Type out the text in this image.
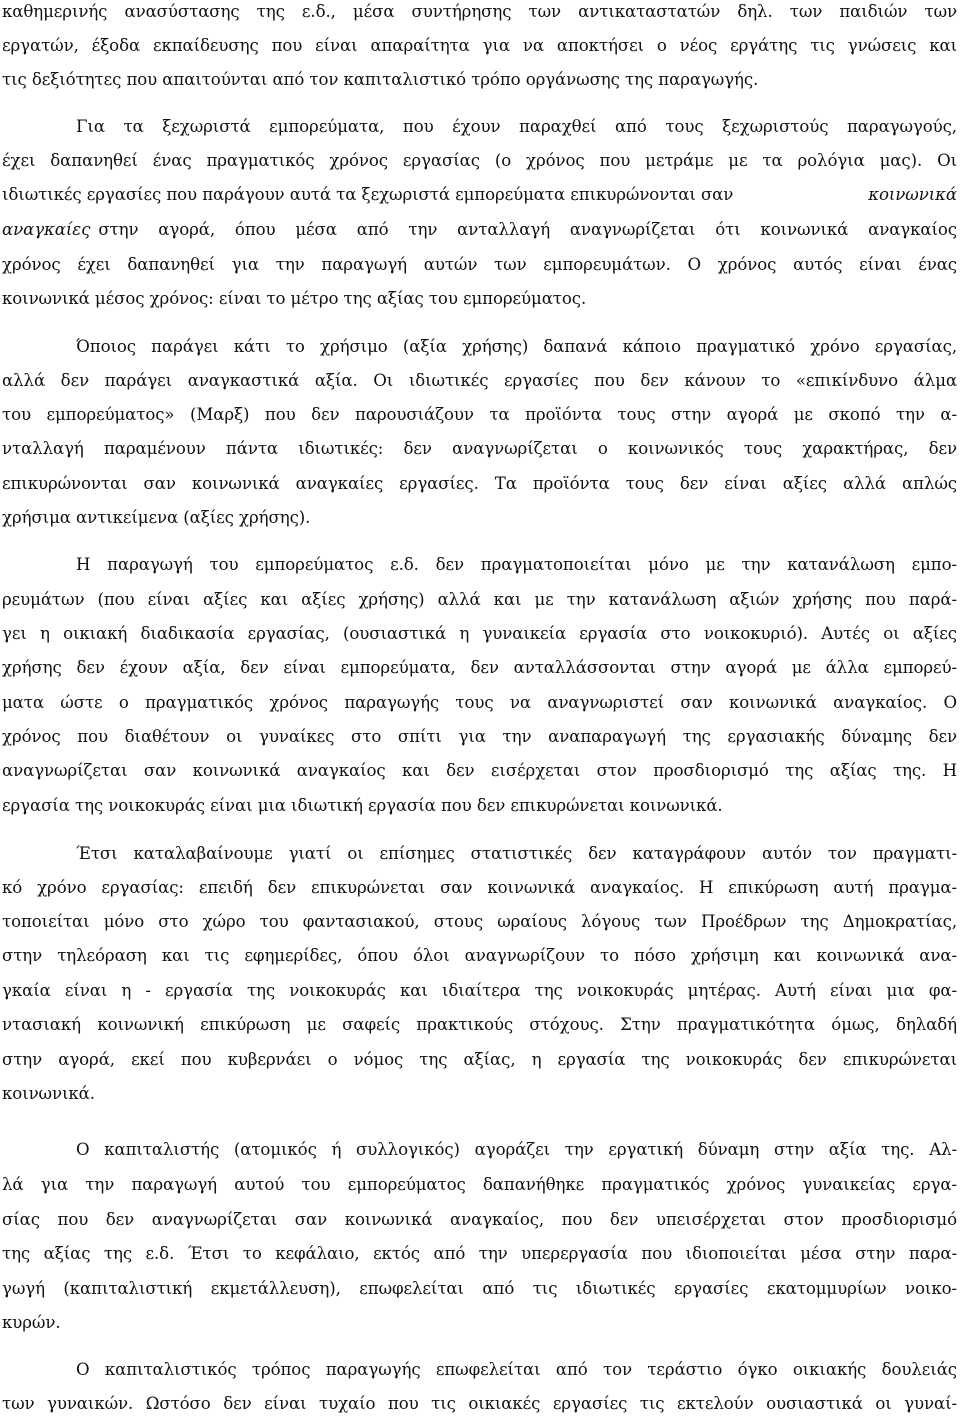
καθημερινής ανασύστασης της ε.δ., μέσα συντήρησης των αντικαταστατών δηλ. των παιδιών των
εργατών, έξοδα εκπαίδευσης που είναι απαραίτητα για να αποκτήσει ο νέος εργάτης τις γνώσεις και
τις δεξιότητες που απαιτούνται από τον καπιταλιστικό τρόπο οργάνωσης της παραγωγής.
Για τα ξεχωριστά εμπορεύματα, που έχουν παραχθεί από τους ξεχωριστούς παραγωγούς,
έχει δαπανηθεί ένας πραγματικός χρόνος εργασίας (ο χρόνος που μετράμε με τα ρολόγια μας). Οι
ιδιωτικές εργασίες που παράγουν αυτά τα ξεχωριστά εμπορεύματα επικυρώνονται σαν	κοινωνικά
αναγκαίες στην αγορά, όπου μέσα από την ανταλλαγή αναγνωρίζεται ότι κοινωνικά αναγκαίος
χρόνος έχει δαπανηθεί για την παραγωγή αυτών των εμπορευμάτων. Ο χρόνος αυτός είναι ένας
κοινωνικά μέσος χρόνος: είναι το μέτρο της αξίας του εμπορεύματος.
Όποιος παράγει κάτι το χρήσιμο (αξία χρήσης) δαπανά κάποιο πραγματικό χρόνο εργασίας,
αλλά δεν παράγει αναγκαστικά αξία. Οι ιδιωτικές εργασίες που δεν κάνουν το «επικίνδυνο άλμα
του εμπορεύματος» (Μαρξ) που δεν παρουσιάζουν τα προϊόντα τους στην αγορά με σκοπό την α-
νταλλαγή παραμένουν πάντα ιδιωτικές: δεν αναγνωρίζεται ο κοινωνικός τους χαρακτήρας, δεν
επικυρώνονται σαν κοινωνικά αναγκαίες εργασίες. Τα προϊόντα τους δεν είναι αξίες αλλά απλώς
χρήσιμα αντικείμενα (αξίες χρήσης).
Η παραγωγή του εμπορεύματος ε.δ. δεν πραγματοποιείται μόνο με την κατανάλωση εμπο-
ρευμάτων (που είναι αξίες και αξίες χρήσης) αλλά και με την κατανάλωση αξιών χρήσης που παρά-
γει η οικιακή διαδικασία εργασίας, (ουσιαστικά η γυναικεία εργασία στο νοικοκυριό). Αυτές οι αξίες
χρήσης δεν έχουν αξία, δεν είναι εμπορεύματα, δεν ανταλλάσσονται στην αγορά με άλλα εμπορεύ-
ματα ώστε ο πραγματικός χρόνος παραγωγής τους να αναγνωριστεί σαν κοινωνικά αναγκαίος. Ο
χρόνος που διαθέτουν οι γυναίκες στο σπίτι για την αναπαραγωγή της εργασιακής δύναμης δεν
αναγνωρίζεται σαν κοινωνικά αναγκαίος και δεν εισέρχεται στον προσδιορισμό της αξίας της. Η
εργασία της νοικοκυράς είναι μια ιδιωτική εργασία που δεν επικυρώνεται κοινωνικά.
Έτσι καταλαβαίνουμε γιατί οι επίσημες στατιστικές δεν καταγράφουν αυτόν τον πραγματι-
κό χρόνο εργασίας: επειδή δεν επικυρώνεται σαν κοινωνικά αναγκαίος. Η επικύρωση αυτή πραγμα-
τοποιείται μόνο στο χώρο του φαντασιακού, στους ωραίους λόγους των Προέδρων της Δημοκρατίας,
στην τηλεόραση και τις εφημερίδες, όπου όλοι αναγνωρίζουν το πόσο χρήσιμη και κοινωνικά ανα-
γκαία είναι η - εργασία της νοικοκυράς και ιδιαίτερα της νοικοκυράς μητέρας. Αυτή είναι μια φα-
ντασιακή κοινωνική επικύρωση με σαφείς πρακτικούς στόχους. Στην πραγματικότητα όμως, δηλαδή
στην αγορά, εκεί που κυβερνάει ο νόμος της αξίας, η εργασία της νοικοκυράς δεν επικυρώνεται
κοινωνικά.
Ο καπιταλιστής (ατομικός ή συλλογικός) αγοράζει την εργατική δύναμη στην αξία της. Αλ-
λά για την παραγωγή αυτού του εμπορεύματος δαπανήθηκε πραγματικός χρόνος γυναικείας εργα-
σίας που δεν αναγνωρίζεται σαν κοινωνικά αναγκαίος, που δεν υπεισέρχεται στον προσδιορισμό
της αξίας της ε.δ. Έτσι το κεφάλαιο, εκτός από την υπερεργασία που ιδιοποιείται μέσα στην παρα-
γωγή (καπιταλιστική εκμετάλλευση), επωφελείται από τις ιδιωτικές εργασίες εκατομμυρίων νοικο-
κυρών.
Ο καπιταλιστικός τρόπος παραγωγής επωφελείται από τον τεράστιο όγκο οικιακής δουλειάς
των γυναικών. Ωστόσο δεν είναι τυχαίο που τις οικιακές εργασίες τις εκτελούν ουσιαστικά οι γυναί-
